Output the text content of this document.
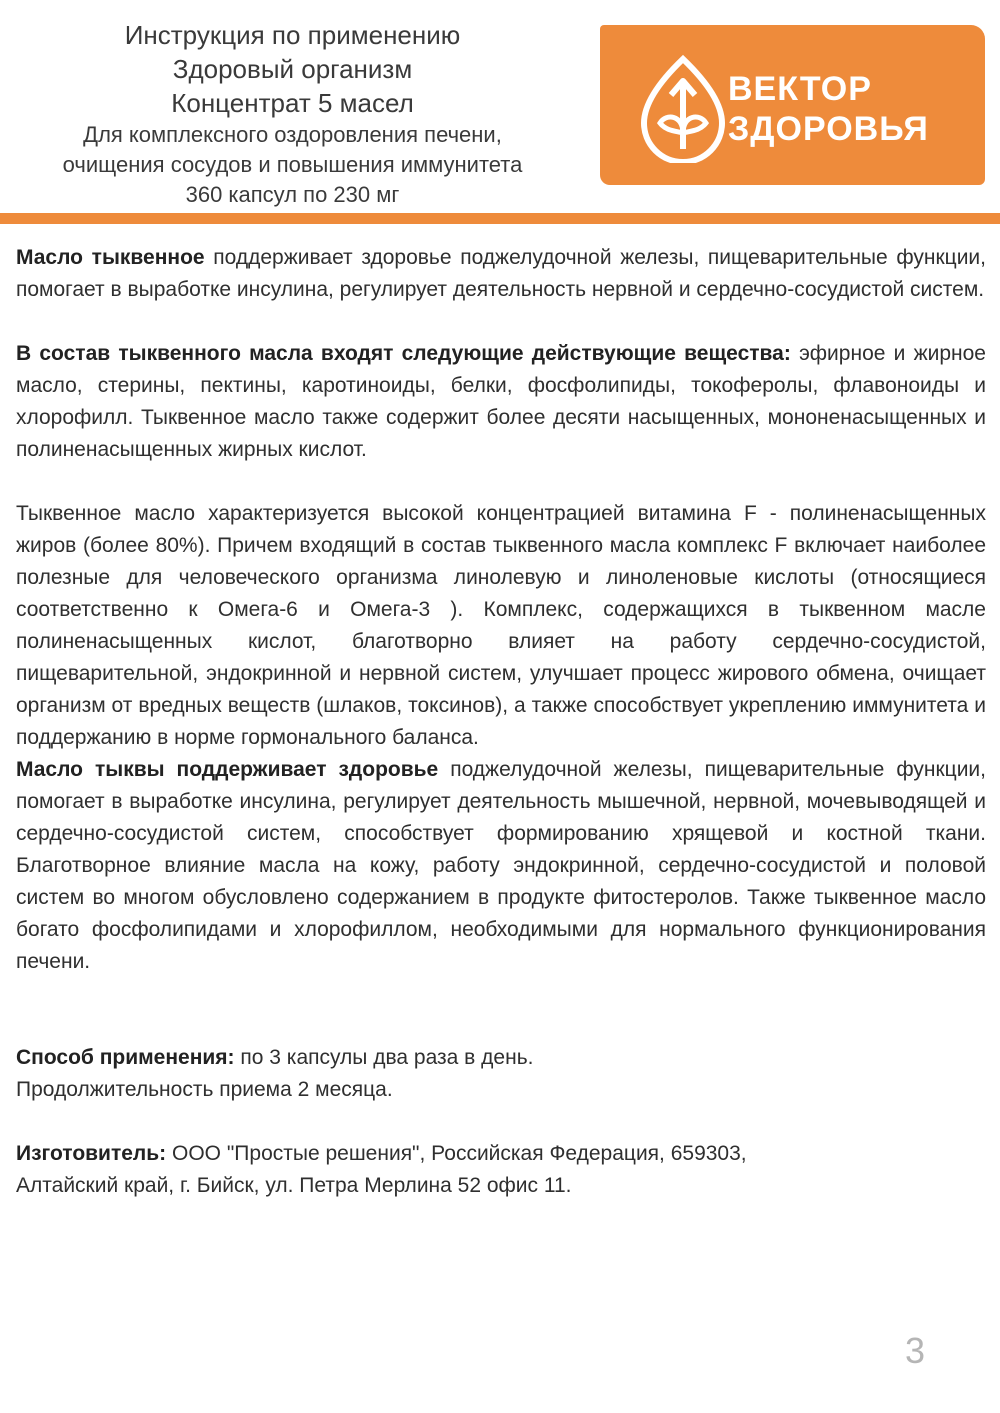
Инструкция по применению
Здоровый организм
Концентрат 5 масел
Для комплексного оздоровления печени,
очищения сосудов и повышения иммунитета
360 капсул по 230 мг
ВЕКТОР
ЗДОРОВЬЯ

Масло тыквенное поддерживает здоровье поджелудочной железы, пищеварительные функции, помогает в выработке инсулина, регулирует деятельность нервной и сердечно-сосудистой систем.

В состав тыквенного масла входят следующие действующие вещества: эфирное и жирное масло, стерины, пектины, каротиноиды, белки, фосфолипиды, токоферолы, флавоноиды и хлорофилл. Тыквенное масло также содержит более десяти насыщенных, мононенасыщенных и полиненасыщенных жирных кислот.

Тыквенное масло характеризуется высокой концентрацией витамина F - полиненасыщенных жиров (более 80%). Причем входящий в состав тыквенного масла комплекс F включает наиболее полезные для человеческого организма линолевую и линоленовые кислоты (относящиеся соответственно к Омега-6 и Омега-3 ). Комплекс, содержащихся в тыквенном масле полиненасыщенных кислот, благотворно влияет на работу сердечно-сосудистой, пищеварительной, эндокринной и нервной систем, улучшает процесс жирового обмена, очищает организм от вредных веществ (шлаков, токсинов), а также способствует укреплению иммунитета и поддержанию в норме гормонального баланса.

Масло тыквы поддерживает здоровье поджелудочной железы, пищеварительные функции, помогает в выработке инсулина, регулирует деятельность мышечной, нервной, мочевыводящей и сердечно-сосудистой систем, способствует формированию хрящевой и костной ткани. Благотворное влияние масла на кожу, работу эндокринной, сердечно-сосудистой и половой систем во многом обусловлено содержанием в продукте фитостеролов. Также тыквенное масло богато фосфолипидами и хлорофиллом, необходимыми для нормального функционирования печени.

Способ применения: по 3 капсулы два раза в день.

Продолжительность приема 2 месяца.

Изготовитель: ООО "Простые решения", Российская Федерация, 659303,

Алтайский край, г. Бийск, ул. Петра Мерлина 52 офис 11.

3
